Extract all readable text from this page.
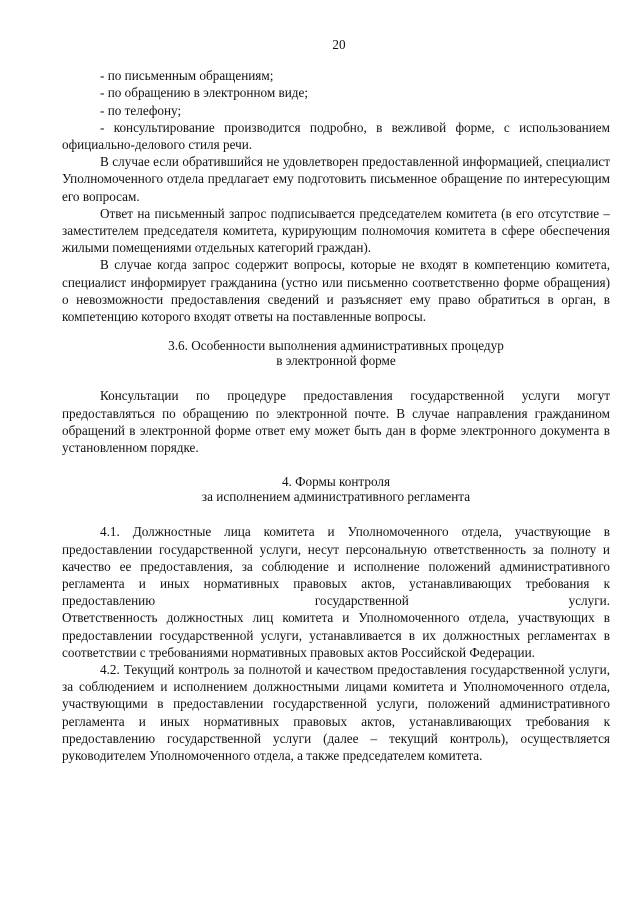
20

- по письменным обращениям;

- по обращению в электронном виде;

- по телефону;

- консультирование производится подробно, в вежливой форме, с использованием официально-делового стиля речи.

В случае если обратившийся не удовлетворен предоставленной информацией, специалист Уполномоченного отдела предлагает ему подготовить письменное обращение по интересующим его вопросам.

Ответ на письменный запрос подписывается председателем комитета (в его отсутствие – заместителем председателя комитета, курирующим полномочия комитета в сфере обеспечения жилыми помещениями отдельных категорий граждан).

В случае когда запрос содержит вопросы, которые не входят в компетенцию комитета, специалист информирует гражданина (устно или письменно соответственно форме обращения) о невозможности предоставления сведений и разъясняет ему право обратиться в орган, в компетенцию которого входят ответы на поставленные вопросы.

3.6. Особенности выполнения административных процедур
в электронной форме

Консультации по процедуре предоставления государственной услуги могут предоставляться по обращению по электронной почте. В случае направления гражданином обращений в электронной форме ответ ему может быть дан в форме электронного документа в установленном порядке.

4. Формы контроля
за исполнением административного регламента

4.1. Должностные лица комитета и Уполномоченного отдела, участвующие в предоставлении государственной услуги, несут персональную ответственность за полноту и качество ее предоставления, за соблюдение и исполнение положений административного регламента и иных нормативных правовых актов, устанавливающих требования к предоставлению государственной услуги.

Ответственность должностных лиц комитета и Уполномоченного отдела, участвующих в предоставлении государственной услуги, устанавливается в их должностных регламентах в соответствии с требованиями нормативных правовых актов Российской Федерации.

4.2. Текущий контроль за полнотой и качеством предоставления государственной услуги, за соблюдением и исполнением должностными лицами комитета и Уполномоченного отдела, участвующими в предоставлении государственной услуги, положений административного регламента и иных нормативных правовых актов, устанавливающих требования к предоставлению государственной услуги (далее – текущий контроль), осуществляется руководителем Уполномоченного отдела, а также председателем комитета.
